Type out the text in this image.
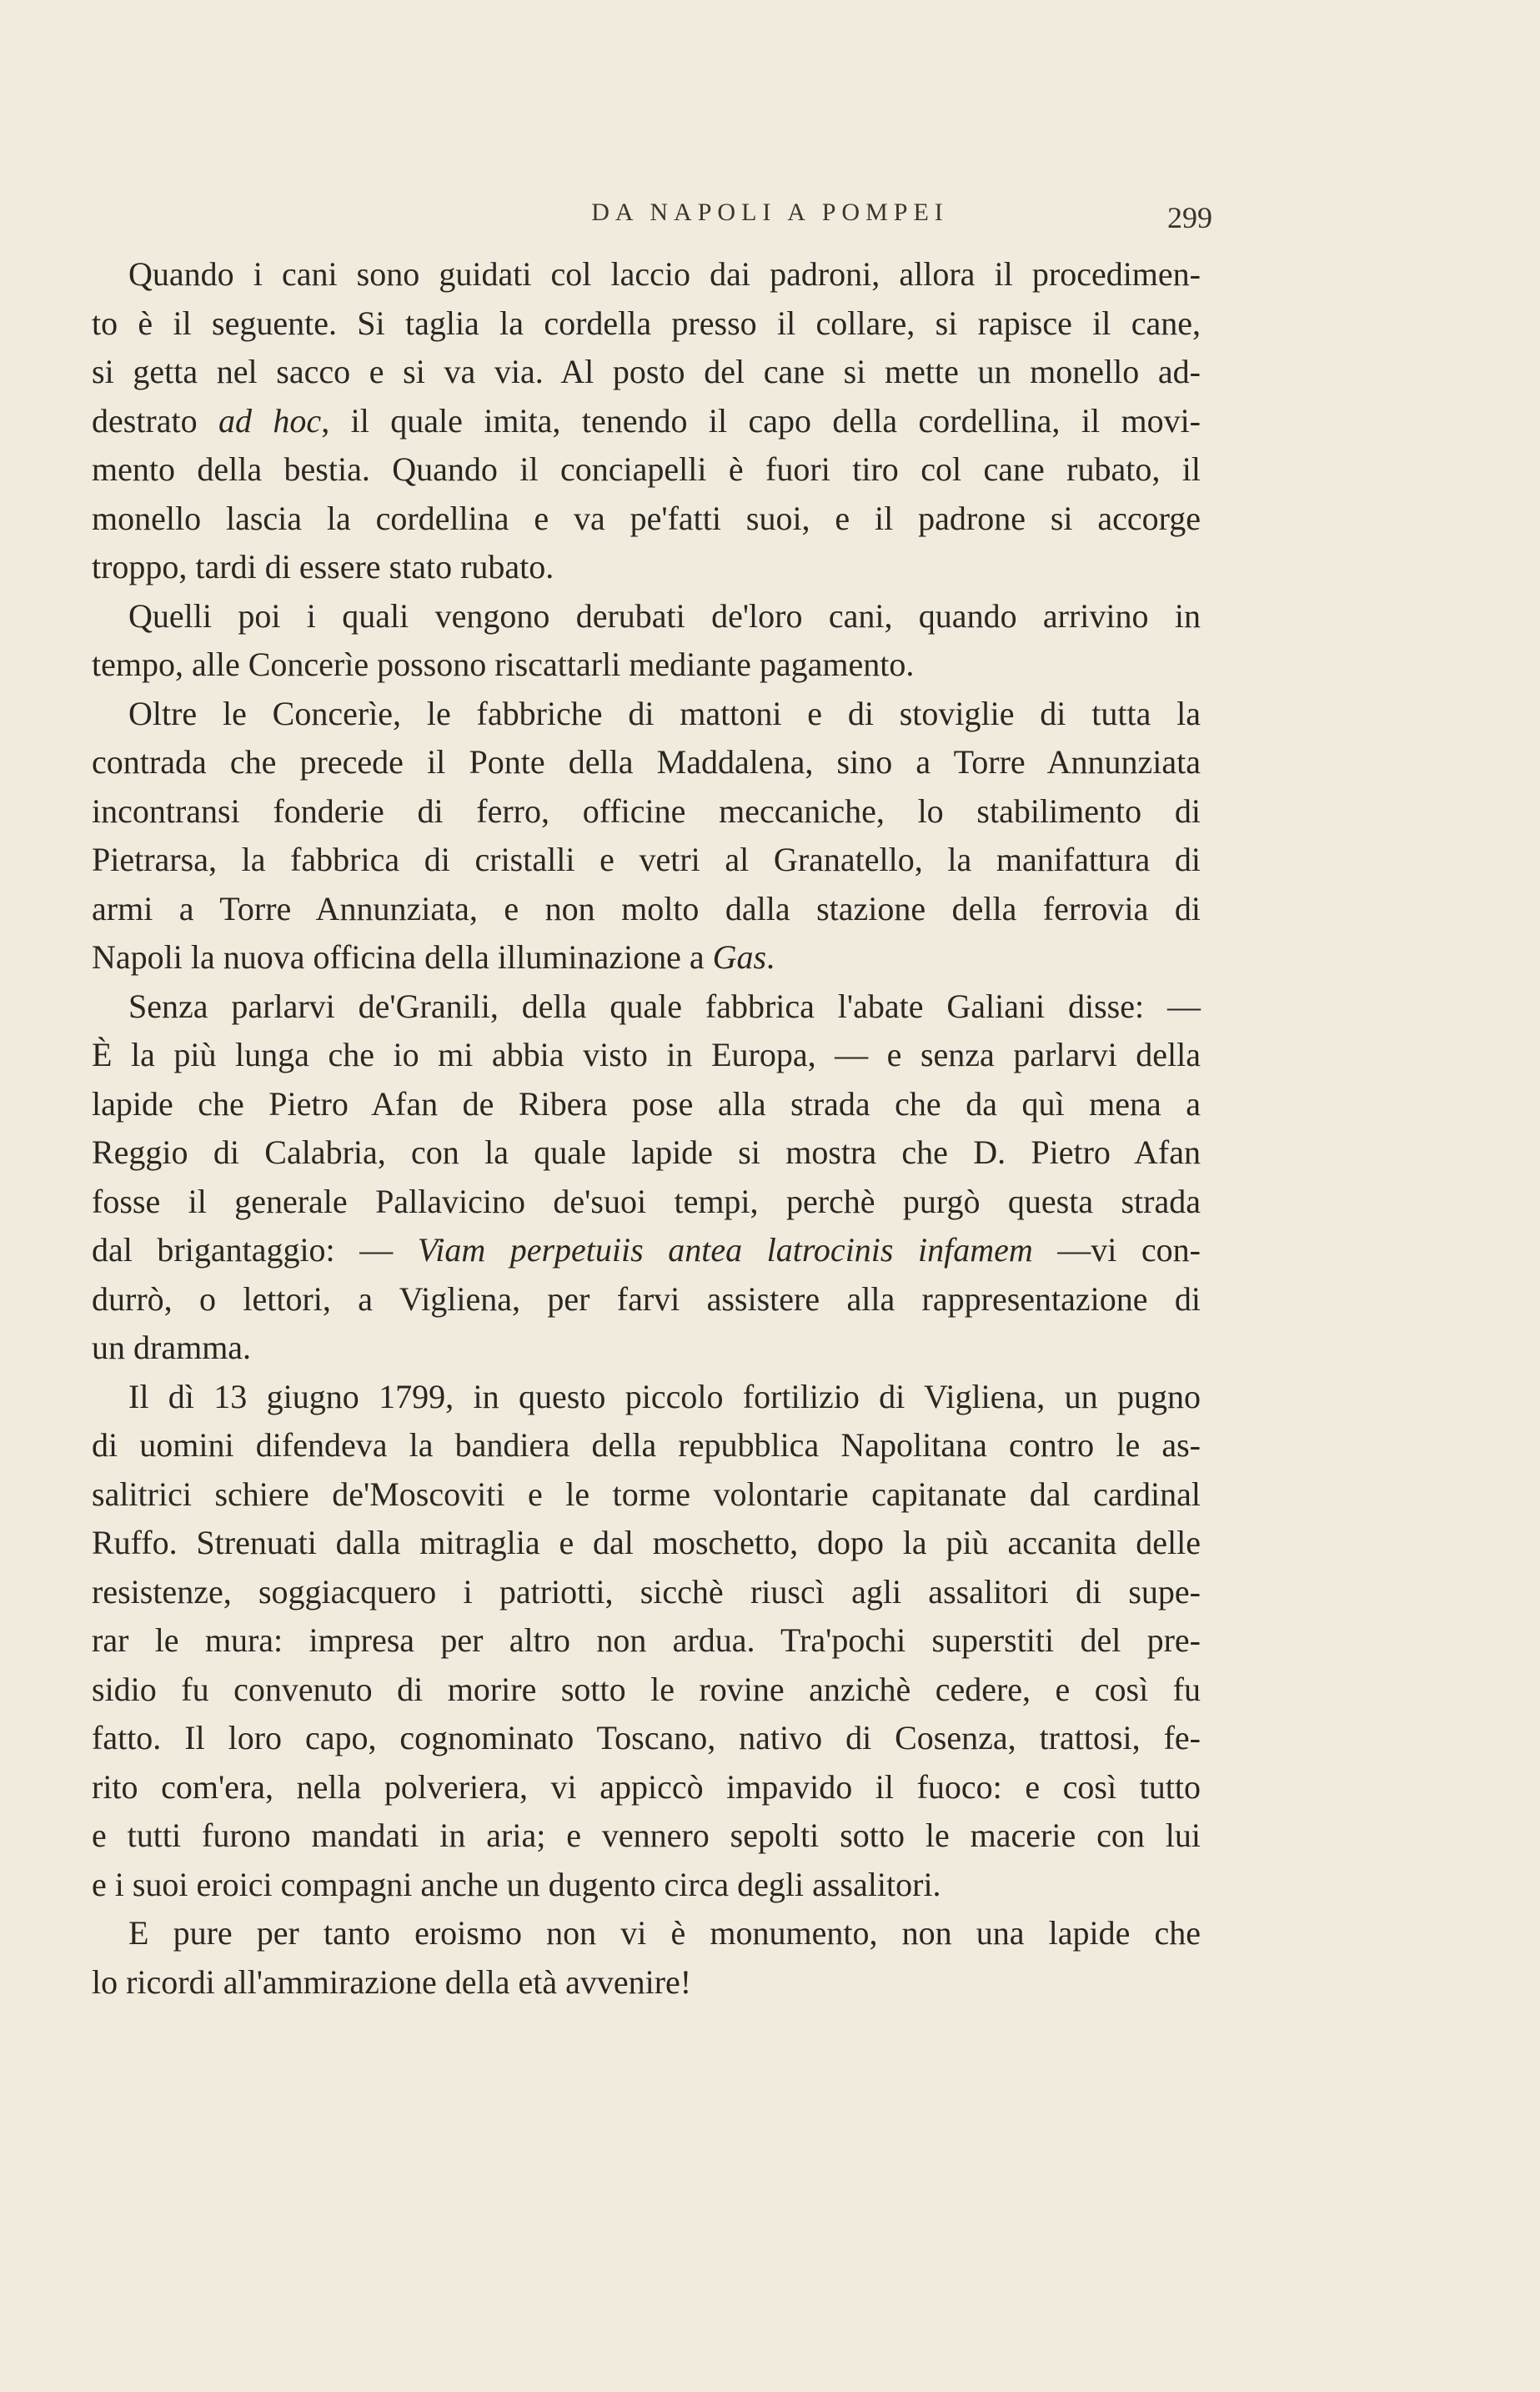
DA NAPOLI A POMPEI	299
Quando i cani sono guidati col laccio dai padroni, allora il procedimen-
to è il seguente. Si taglia la cordella presso il collare, si rapisce il cane,
si getta nel sacco e si va via. Al posto del cane si mette un monello ad-
destrato ad hoc, il quale imita, tenendo il capo della cordellina, il movi-
mento della bestia. Quando il conciapelli è fuori tiro col cane rubato, il
monello lascia la cordellina e va pe'fatti suoi, e il padrone si accorge
troppo, tardi di essere stato rubato.
Quelli poi i quali vengono derubati de'loro cani, quando arrivino in
tempo, alle Concerìe possono riscattarli mediante pagamento.
Oltre le Concerìe, le fabbriche di mattoni e di stoviglie di tutta la
contrada che precede il Ponte della Maddalena, sino a Torre Annunziata
incontransi fonderie di ferro, officine meccaniche, lo stabilimento di
Pietrarsa, la fabbrica di cristalli e vetri al Granatello, la manifattura di
armi a Torre Annunziata, e non molto dalla stazione della ferrovia di
Napoli la nuova officina della illuminazione a Gas.
Senza parlarvi de'Granili, della quale fabbrica l'abate Galiani disse: —
È la più lunga che io mi abbia visto in Europa, — e senza parlarvi della
lapide che Pietro Afan de Ribera pose alla strada che da quì mena a
Reggio di Calabria, con la quale lapide si mostra che D. Pietro Afan
fosse il generale Pallavicino de'suoi tempi, perchè purgò questa strada
dal brigantaggio: — Viam perpetuiis antea latrocinis infamem —vi con-
durrò, o lettori, a Vigliena, per farvi assistere alla rappresentazione di
un dramma.
Il dì 13 giugno 1799, in questo piccolo fortilizio di Vigliena, un pugno
di uomini difendeva la bandiera della repubblica Napolitana contro le as-
salitrici schiere de'Moscoviti e le torme volontarie capitanate dal cardinal
Ruffo. Strenuati dalla mitraglia e dal moschetto, dopo la più accanita delle
resistenze, soggiacquero i patriotti, sicchè riuscì agli assalitori di supe-
rar le mura: impresa per altro non ardua. Tra'pochi superstiti del pre-
sidio fu convenuto di morire sotto le rovine anzichè cedere, e così fu
fatto. Il loro capo, cognominato Toscano, nativo di Cosenza, trattosi, fe-
rito com'era, nella polveriera, vi appiccò impavido il fuoco: e così tutto
e tutti furono mandati in aria; e vennero sepolti sotto le macerie con lui
e i suoi eroici compagni anche un dugento circa degli assalitori.
E pure per tanto eroismo non vi è monumento, non una lapide che
lo ricordi all'ammirazione della età avvenire!
